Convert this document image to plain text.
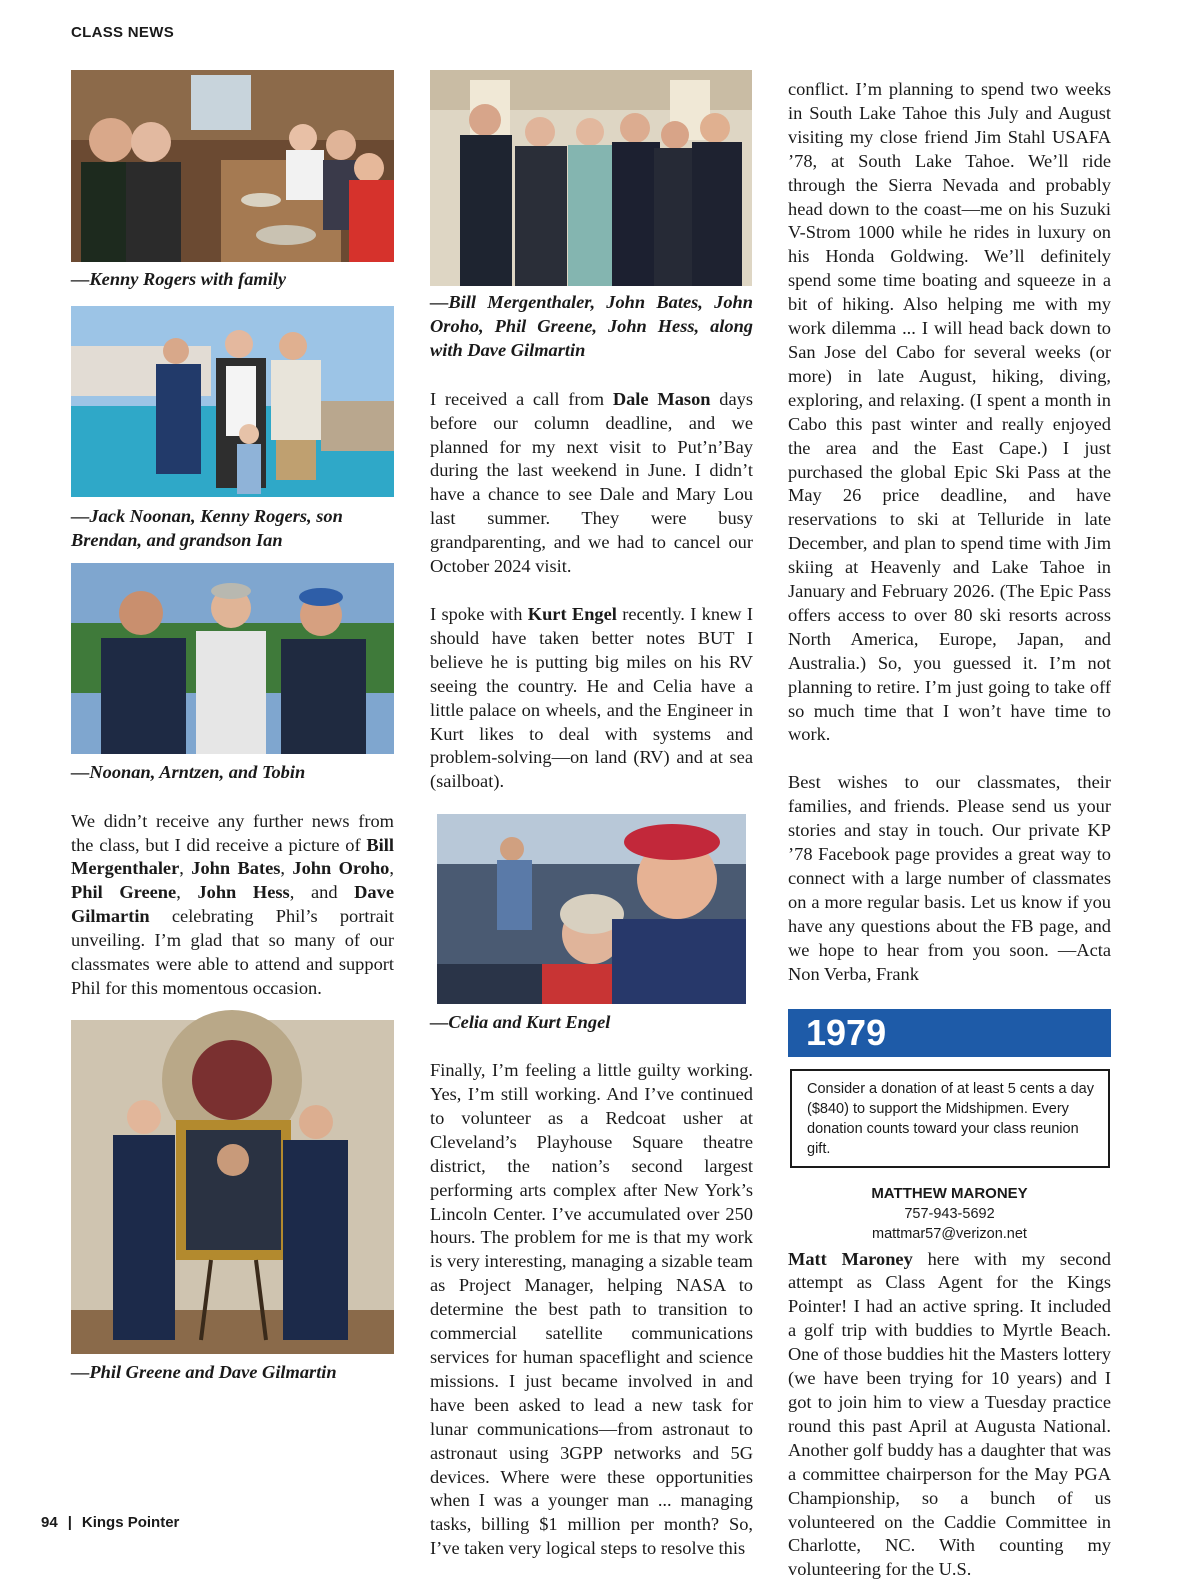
CLASS NEWS
—Kenny Rogers with family
—Jack Noonan, Kenny Rogers, son Brendan, and grandson Ian
—Noonan, Arntzen, and Tobin

We didn’t receive any further news from the class, but I did receive a picture of Bill Mergenthaler, John Bates, John Oroho, Phil Greene, John Hess, and Dave Gilmartin celebrating Phil’s portrait unveiling. I’m glad that so many of our classmates were able to attend and support Phil for this momentous occasion.

—Phil Greene and Dave Gilmartin
—Bill Mergenthaler, John Bates, John Oroho, Phil Greene, John Hess, along with Dave Gilmartin

I received a call from Dale Mason days before our column deadline, and we planned for my next visit to Put’n’Bay during the last weekend in June. I didn’t have a chance to see Dale and Mary Lou last summer. They were busy grandparenting, and we had to cancel our October 2024 visit.

I spoke with Kurt Engel recently. I knew I should have taken better notes BUT I believe he is putting big miles on his RV seeing the country. He and Celia have a little palace on wheels, and the Engineer in Kurt likes to deal with systems and problem-solving—on land (RV) and at sea (sailboat).

—Celia and Kurt Engel

Finally, I’m feeling a little guilty working. Yes, I’m still working. And I’ve continued to volunteer as a Redcoat usher at Cleveland’s Playhouse Square theatre district, the nation’s second largest performing arts complex after New York’s Lincoln Center. I’ve accumulated over 250 hours. The problem for me is that my work is very interesting, managing a sizable team as Project Manager, helping NASA to determine the best path to transition to commercial satellite communications services for human spaceflight and science missions. I just became involved in and have been asked to lead a new task for lunar communications—from astronaut to astronaut using 3GPP networks and 5G devices. Where were these opportunities when I was a younger man ... managing tasks, billing $1 million per month? So, I’ve taken very logical steps to resolve this

conflict. I’m planning to spend two weeks in South Lake Tahoe this July and August visiting my close friend Jim Stahl USAFA ’78, at South Lake Tahoe. We’ll ride through the Sierra Nevada and probably head down to the coast—me on his Suzuki V-Strom 1000 while he rides in luxury on his Honda Goldwing. We’ll definitely spend some time boating and squeeze in a bit of hiking. Also helping me with my work dilemma ... I will head back down to San Jose del Cabo for several weeks (or more) in late August, hiking, diving, exploring, and relaxing. (I spent a month in Cabo this past winter and really enjoyed the area and the East Cape.) I just purchased the global Epic Ski Pass at the May 26 price deadline, and have reservations to ski at Telluride in late December, and plan to spend time with Jim skiing at Heavenly and Lake Tahoe in January and February 2026. (The Epic Pass offers access to over 80 ski resorts across North America, Europe, Japan, and Australia.) So, you guessed it. I’m not planning to retire. I’m just going to take off so much time that I won’t have time to work.

Best wishes to our classmates, their families, and friends. Please send us your stories and stay in touch. Our private KP ’78 Facebook page provides a great way to connect with a large number of classmates on a more regular basis. Let us know if you have any questions about the FB page, and we hope to hear from you soon. —Acta Non Verba, Frank

1979
Consider a donation of at least 5 cents a day ($840) to support the Midshipmen. Every donation counts toward your class reunion gift.
MATTHEW MARONEY
757-943-5692
mattmar57@verizon.net

Matt Maroney here with my second attempt as Class Agent for the Kings Pointer! I had an active spring. It included a golf trip with buddies to Myrtle Beach. One of those buddies hit the Masters lottery (we have been trying for 10 years) and I got to join him to view a Tuesday practice round this past April at Augusta National. Another golf buddy has a daughter that was a committee chairperson for the May PGA Championship, so a bunch of us volunteered on the Caddie Committee in Charlotte, NC. With counting my volunteering for the U.S.

94 | Kings Pointer
